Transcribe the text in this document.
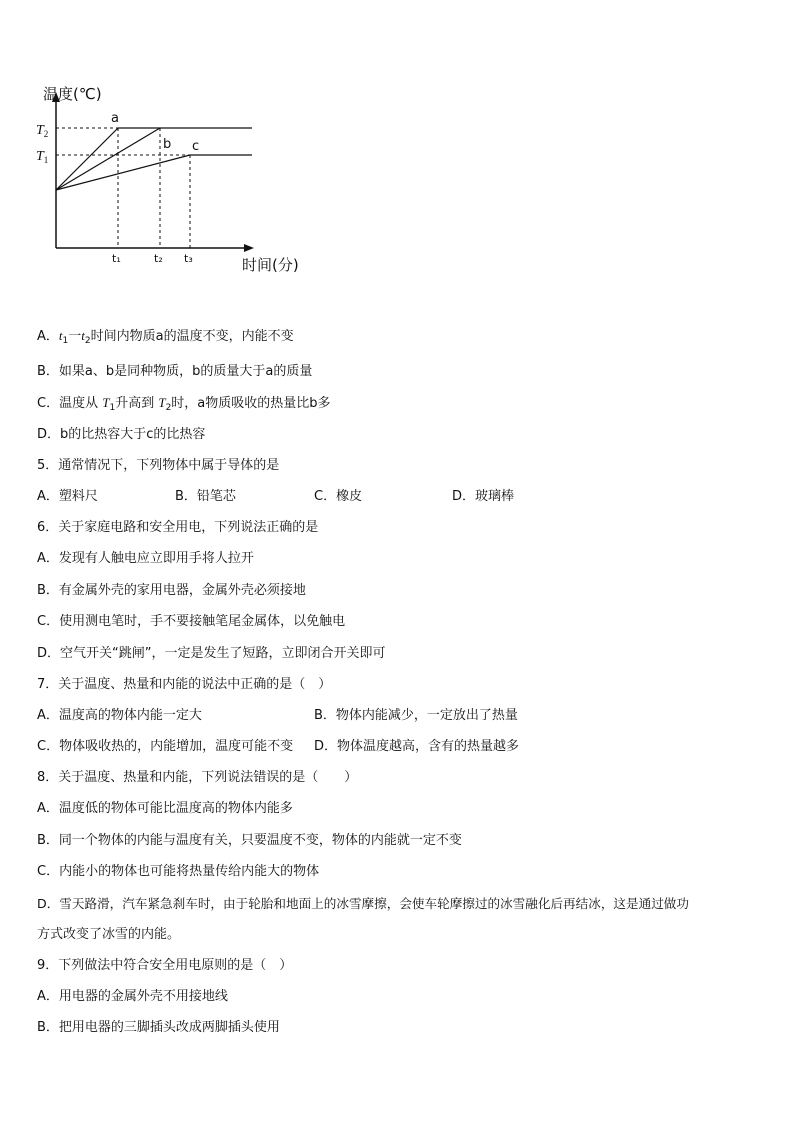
温度(℃)
时间(分)
$T_2$
$T_1$
a
b c
t₁	t₂ t₃
A．$t_1$一$t_2$时间内物质a的温度不变，内能不变
B．如果a、b是同种物质，b的质量大于a的质量
C．温度从 $T_1$升高到 $T_2$时，a物质吸收的热量比b多
D．b的比热容大于c的比热容
5．通常情况下，下列物体中属于导体的是
A．塑料尺	B．铅笔芯	C．橡皮	D．玻璃棒
6．关于家庭电路和安全用电，下列说法正确的是
A．发现有人触电应立即用手将人拉开
B．有金属外壳的家用电器，金属外壳必须接地
C．使用测电笔时，手不要接触笔尾金属体，以免触电
D．空气开关“跳闸”，一定是发生了短路，立即闭合开关即可
7．关于温度、热量和内能的说法中正确的是（　）
A．温度高的物体内能一定大	B．物体内能减少，一定放出了热量
C．物体吸收热的，内能增加，温度可能不变 D．物体温度越高，含有的热量越多
8．关于温度、热量和内能，下列说法错误的是（　　）
A．温度低的物体可能比温度高的物体内能多
B．同一个物体的内能与温度有关，只要温度不变，物体的内能就一定不变
C．内能小的物体也可能将热量传给内能大的物体
D．雪天路滑，汽车紧急刹车时，由于轮胎和地面上的冰雪摩擦，会使车轮摩擦过的冰雪融化后再结冰，这是通过做功
方式改变了冰雪的内能。
9．下列做法中符合安全用电原则的是（　）
A．用电器的金属外壳不用接地线
B．把用电器的三脚插头改成两脚插头使用
